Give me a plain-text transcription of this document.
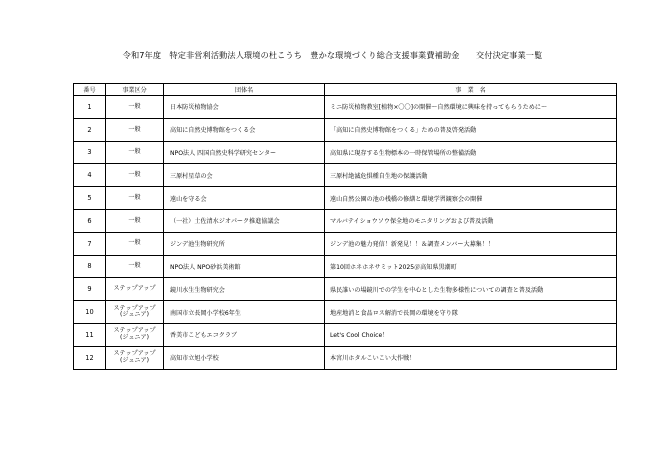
令和7年度　特定非営利活動法人環境の杜こうち　豊かな環境づくり総合支援事業費補助金　　交付決定事業一覧
番号	事業区分	団体名	事　業　名
1	一般	日本防災植物協会	ミニ防災植物教室[植物×〇〇]の開催～自然環境に興味を持ってもらうために～
2	一般	高知に自然史博物館をつくる会	「高知に自然史博物館をつくる」ための普及啓発活動
3	一般	NPO法人 四国自然史科学研究センター	高知県に現存する生物標本の一時保管場所の整備活動
4	一般	三原村星草の会	三原村絶滅危惧種自生地の保護活動
5	一般	遠山を守る会	遠山自然公園の池の桟橋の修繕と環境学習観察会の開催
6	一般	（一社）土佐清水ジオパーク推進協議会	マルバテイショウソウ保全地のモニタリングおよび普及活動
7	一般	ジンデ池生物研究所	ジンデ池の魅力発信！新発見！！＆調査メンバー大募集！！
8	一般	NPO法人 NPO砂浜美術館	第10回ホネホネサミット2025＠高知県黒潮町
9	ステップアップ	鏡川水生生物研究会	県民誰いの場鏡川での学生を中心とした生物多様性についての調査と普及活動
10	ステップアップ
(ジュニア)	南国市立長岡小学校6年生	地産地消と食品ロス解消で長岡の環境を守り隊
11	ステップアップ
(ジュニア)	香美市こどもエコクラブ	Let's Cool Choice！
12	ステップアップ
(ジュニア)	高知市立旭小学校	本宮川ホタルこいこい大作戦！
